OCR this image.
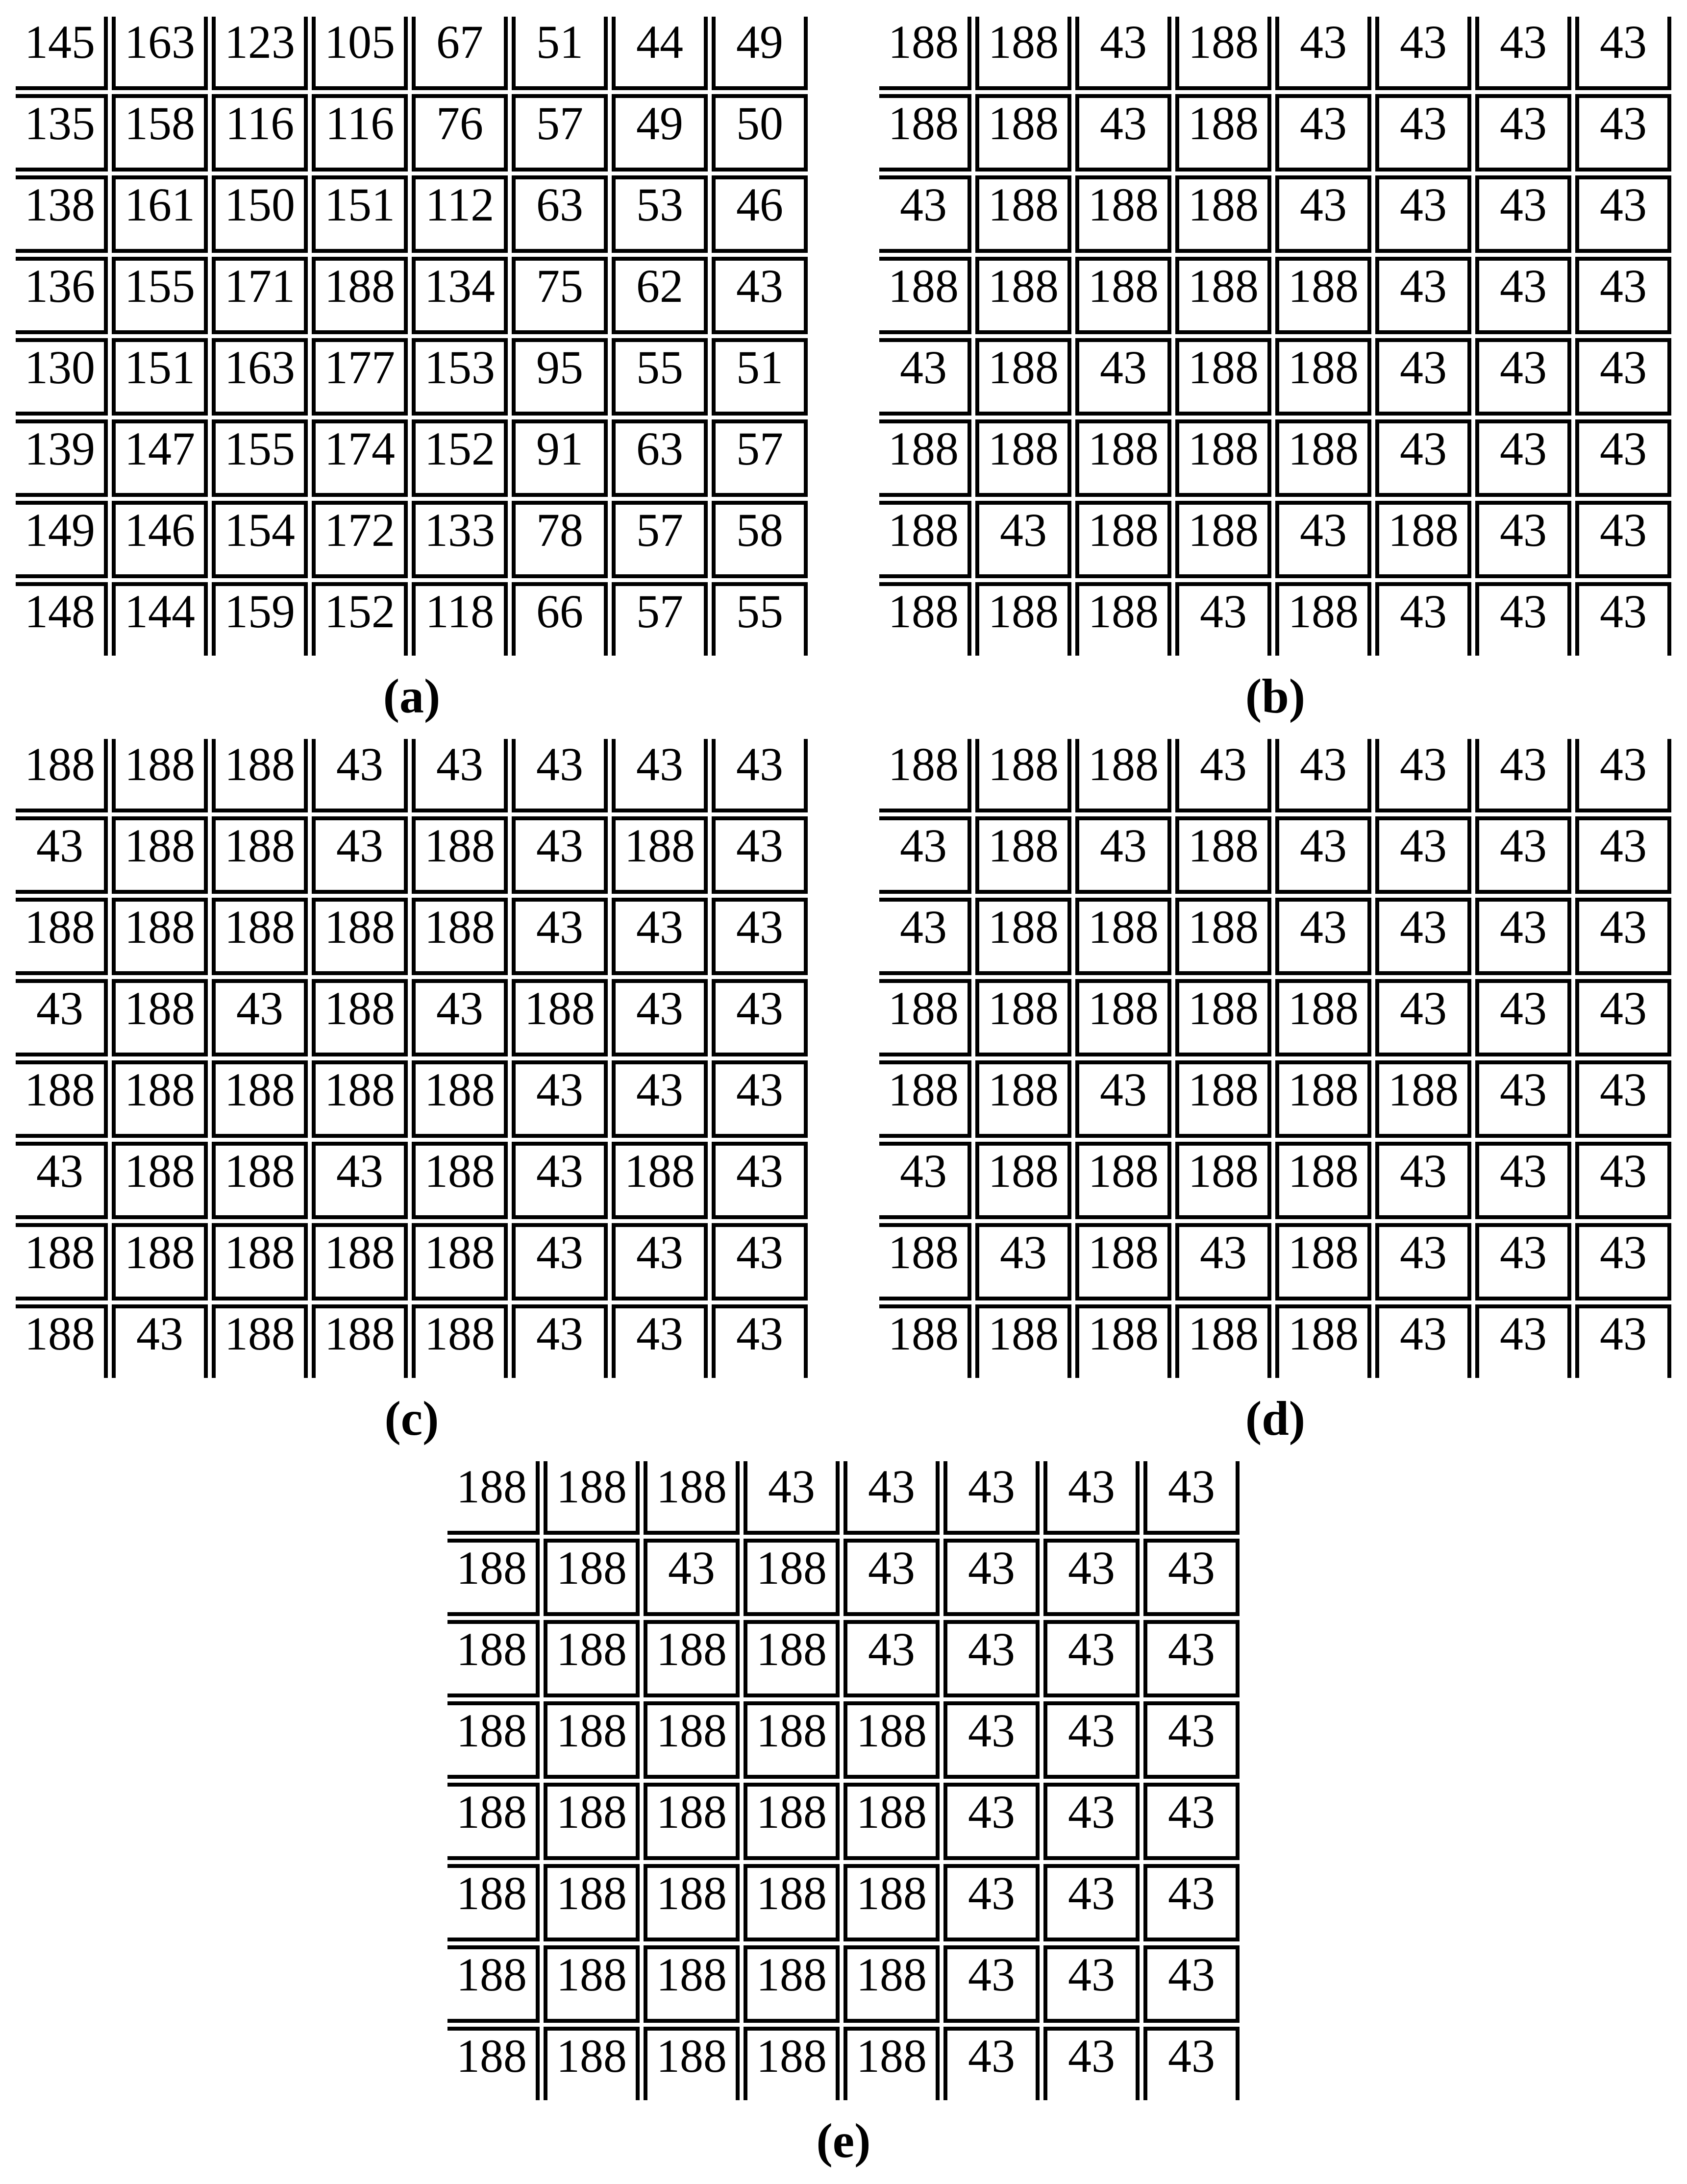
145	163	123	105	67	51	44	49
135	158	116	116	76	57	49	50
138	161	150	151	112	63	53	46
136	155	171	188	134	75	62	43
130	151	163	177	153	95	55	51
139	147	155	174	152	91	63	57
149	146	154	172	133	78	57	58
148	144	159	152	118	66	57	55
(a)
188	188	43	188	43	43	43	43
188	188	43	188	43	43	43	43
43	188	188	188	43	43	43	43
188	188	188	188	188	43	43	43
43	188	43	188	188	43	43	43
188	188	188	188	188	43	43	43
188	43	188	188	43	188	43	43
188	188	188	43	188	43	43	43
(b)
188	188	188	43	43	43	43	43
43	188	188	43	188	43	188	43
188	188	188	188	188	43	43	43
43	188	43	188	43	188	43	43
188	188	188	188	188	43	43	43
43	188	188	43	188	43	188	43
188	188	188	188	188	43	43	43
188	43	188	188	188	43	43	43
(c)
188	188	188	43	43	43	43	43
43	188	43	188	43	43	43	43
43	188	188	188	43	43	43	43
188	188	188	188	188	43	43	43
188	188	43	188	188	188	43	43
43	188	188	188	188	43	43	43
188	43	188	43	188	43	43	43
188	188	188	188	188	43	43	43
(d)
188	188	188	43	43	43	43	43
188	188	43	188	43	43	43	43
188	188	188	188	43	43	43	43
188	188	188	188	188	43	43	43
188	188	188	188	188	43	43	43
188	188	188	188	188	43	43	43
188	188	188	188	188	43	43	43
188	188	188	188	188	43	43	43
(e)
